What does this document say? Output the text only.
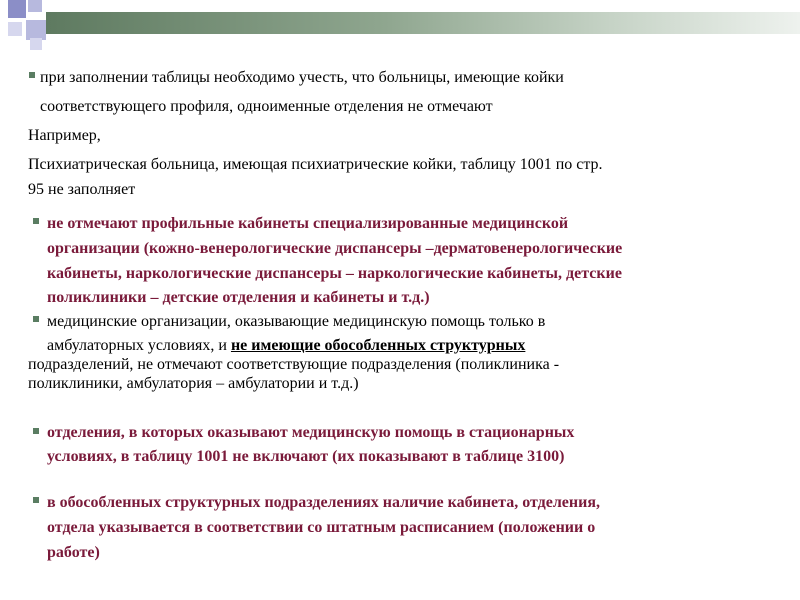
при заполнении таблицы необходимо учесть, что больницы, имеющие койки
соответствующего профиля, одноименные отделения не отмечают
Например,
Психиатрическая больница, имеющая психиатрические койки, таблицу 1001 по стр.
95 не заполняет
не отмечают профильные кабинеты специализированные медицинской
организации (кожно-венерологические диспансеры –дерматовенерологические
кабинеты, наркологические диспансеры – наркологические кабинеты, детские
поликлиники – детские отделения и кабинеты и т.д.)
медицинские организации, оказывающие медицинскую помощь только в
амбулаторных условиях, и не имеющие обособленных структурных
подразделений, не отмечают соответствующие подразделения (поликлиника -
поликлиники, амбулатория – амбулатории и т.д.)
отделения, в которых оказывают медицинскую помощь в стационарных
условиях, в таблицу 1001 не включают (их показывают в таблице 3100)
в обособленных структурных подразделениях наличие кабинета, отделения,
отдела указывается в соответствии со штатным расписанием (положении о
работе)
